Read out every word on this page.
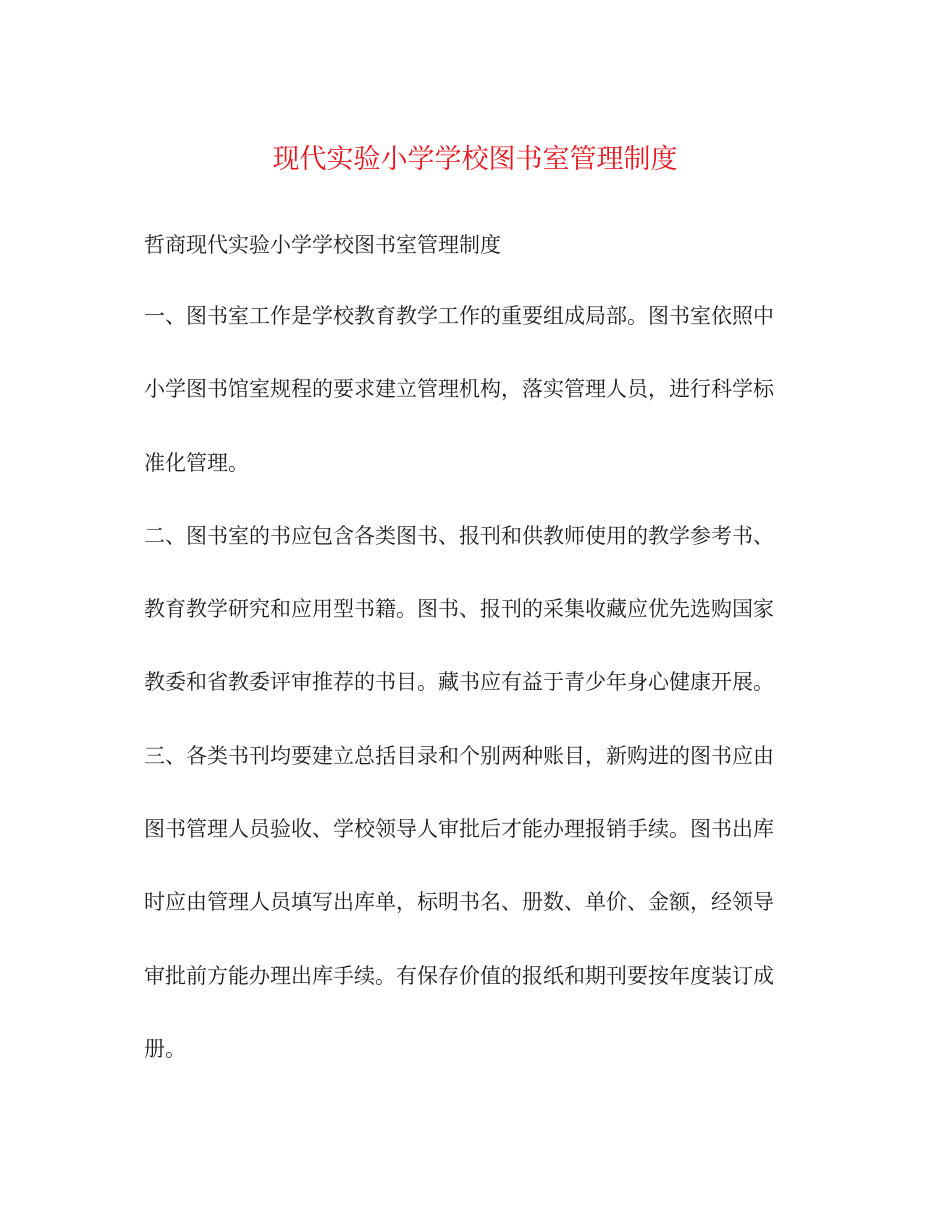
现代实验小学学校图书室管理制度
哲商现代实验小学学校图书室管理制度
一、图书室工作是学校教育教学工作的重要组成局部。图书室依照中
小学图书馆室规程的要求建立管理机构，落实管理人员，进行科学标
准化管理。
二、图书室的书应包含各类图书、报刊和供教师使用的教学参考书、
教育教学研究和应用型书籍。图书、报刊的采集收藏应优先选购国家
教委和省教委评审推荐的书目。藏书应有益于青少年身心健康开展。
三、各类书刊均要建立总括目录和个别两种账目，新购进的图书应由
图书管理人员验收、学校领导人审批后才能办理报销手续。图书出库
时应由管理人员填写出库单，标明书名、册数、单价、金额，经领导
审批前方能办理出库手续。有保存价值的报纸和期刊要按年度装订成
册。
